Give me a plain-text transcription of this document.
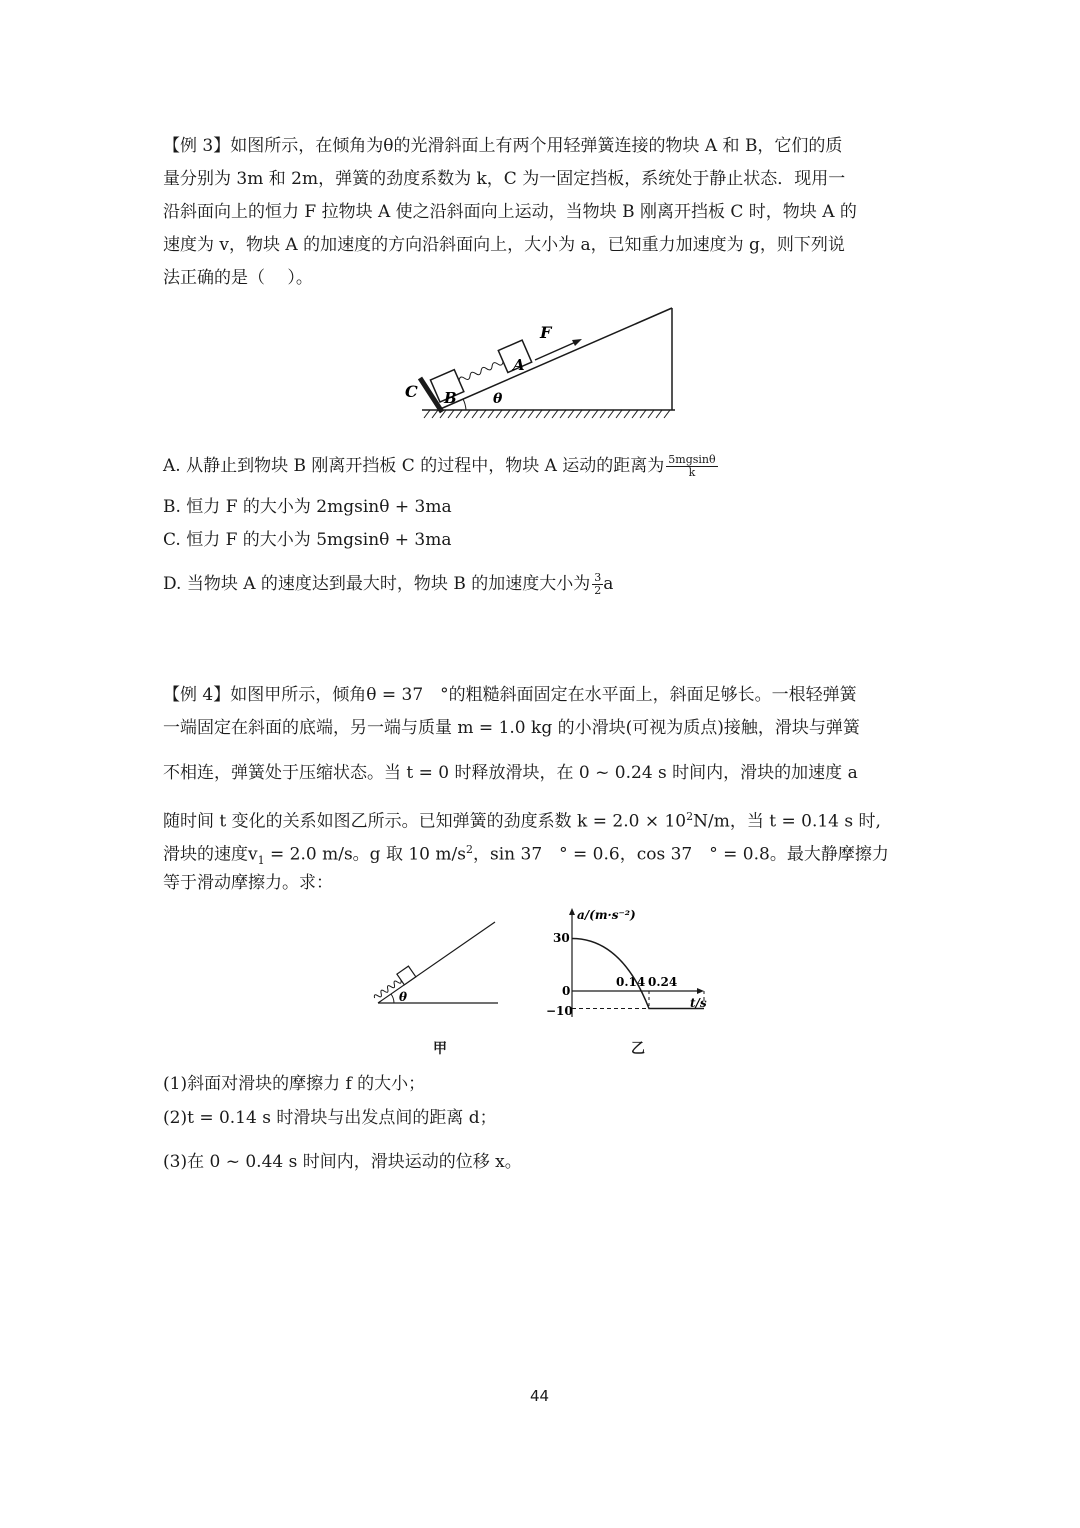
【例 3】如图所示，在倾角为θ的光滑斜面上有两个用轻弹簧连接的物块 A 和 B，它们的质
量分别为 3m 和 2m，弹簧的劲度系数为 k，C 为一固定挡板，系统处于静止状态．现用一
沿斜面向上的恒力 F 拉物块 A 使之沿斜面向上运动，当物块 B 刚离开挡板 C 时，物块 A 的
速度为 v，物块 A 的加速度的方向沿斜面向上，大小为 a，已知重力加速度为 g，则下列说
法正确的是（　 ）。
C B
A
F
θ
A. 从静止到物块 B 刚离开挡板 C 的过程中，物块 A 运动的距离为 $\frac{5mgsin\theta}{k}$
B. 恒力 F 的大小为 2mgsinθ + 3ma
C. 恒力 F 的大小为 5mgsinθ + 3ma
D. 当物块 A 的速度达到最大时，物块 B 的加速度大小为 $\frac{3}{2}$ a
【例 4】如图甲所示，倾角θ = 37　°的粗糙斜面固定在水平面上，斜面足够长。一根轻弹簧
一端固定在斜面的底端，另一端与质量 m = 1.0 kg 的小滑块(可视为质点)接触，滑块与弹簧
不相连，弹簧处于压缩状态。当 t = 0 时释放滑块，在 0 ~ 0.24 s 时间内，滑块的加速度 a
随时间 t 变化的关系如图乙所示。已知弹簧的劲度系数 $k = 2.0 \times 10^2N/m$，当 t = 0.14 s 时,
滑块的速度$v_1 = 2.0$ m/s。g 取 10 $m/s^2$，sin 37　° = 0.6，cos 37　° = 0.8。最大静摩擦力
等于滑动摩擦力。求：
θ
甲
a/(m·s⁻²)
t/s
30
0
−10
0.14 0.24
乙
(1)斜面对滑块的摩擦力 f 的大小；
(2)t = 0.14 s 时滑块与出发点间的距离 d；
(3)在 0 ~ 0.44 s 时间内，滑块运动的位移 x。
44
